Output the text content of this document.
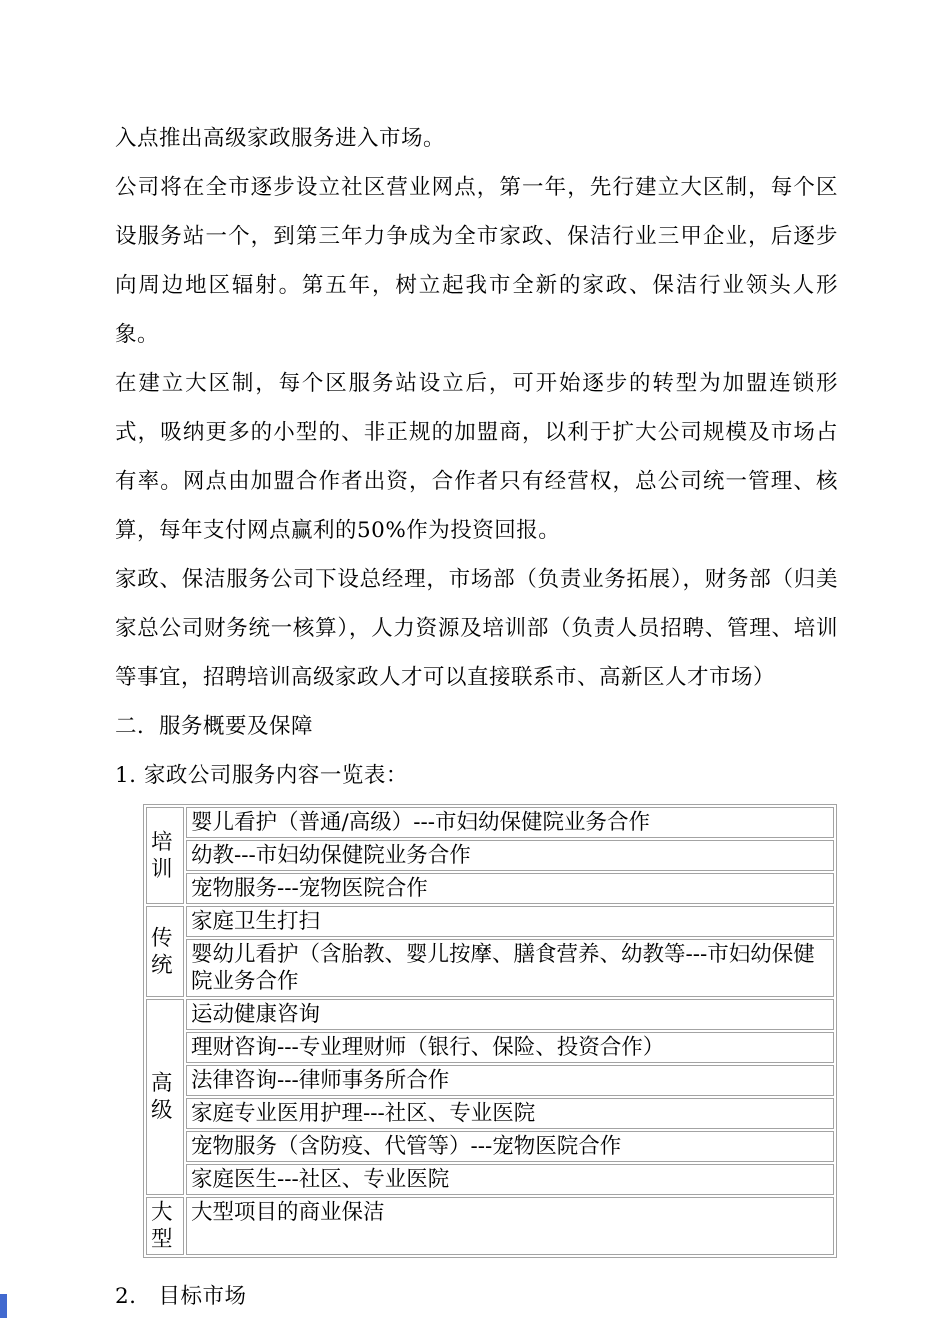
入点推出高级家政服务进入市场。

公司将在全市逐步设立社区营业网点，第一年，先行建立大区制，每个区设服务站一个，到第三年力争成为全市家政、保洁行业三甲企业，后逐步向周边地区辐射。第五年，树立起我市全新的家政、保洁行业领头人形象。

在建立大区制，每个区服务站设立后，可开始逐步的转型为加盟连锁形式，吸纳更多的小型的、非正规的加盟商，以利于扩大公司规模及市场占有率。网点由加盟合作者出资，合作者只有经营权，总公司统一管理、核算，每年支付网点赢利的50%作为投资回报。

家政、保洁服务公司下设总经理，市场部（负责业务拓展），财务部（归美家总公司财务统一核算），人力资源及培训部（负责人员招聘、管理、培训等事宜，招聘培训高级家政人才可以直接联系市、高新区人才市场）

二．服务概要及保障

1. 家政公司服务内容一览表：

培训	婴儿看护（普通/高级）---市妇幼保健院业务合作
	幼教---市妇幼保健院业务合作
	宠物服务---宠物医院合作
传统	家庭卫生打扫
	婴幼儿看护（含胎教、婴儿按摩、膳食营养、幼教等---市妇幼保健院业务合作
高级	运动健康咨询
	理财咨询---专业理财师（银行、保险、投资合作）
	法律咨询---律师事务所合作
	家庭专业医用护理---社区、专业医院
	宠物服务（含防疫、代管等）---宠物医院合作
	家庭医生---社区、专业医院
大型	大型项目的商业保洁

2.　目标市场
